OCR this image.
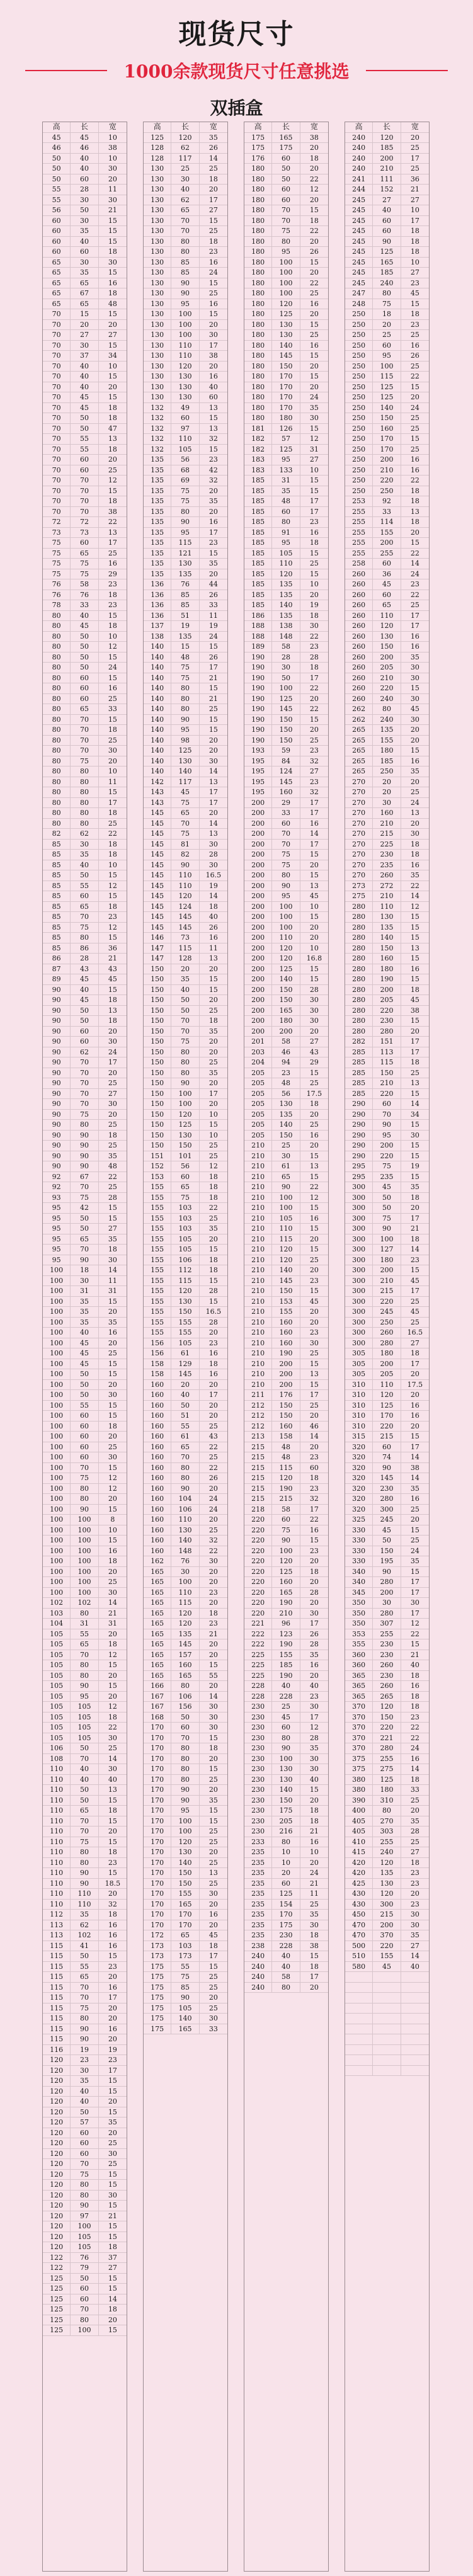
现货尺寸
1000余款现货尺寸任意挑选
双插盒
高	长	宽
45	45	10
46	46	38
50	40	10
50	40	30
50	60	20
55	28	11
55	30	30
56	50	21
60	30	15
60	35	15
60	40	15
60	60	18
65	30	30
65	35	15
65	65	16
65	67	18
65	65	48
70	15	15
70	20	20
70	27	27
70	30	15
70	37	34
70	40	10
70	40	15
70	40	20
70	45	15
70	45	18
70	50	18
70	50	47
70	55	13
70	55	18
70	60	20
70	60	25
70	70	12
70	70	15
70	70	18
70	70	38
72	72	22
73	73	13
75	60	17
75	65	25
75	75	16
75	75	29
76	58	23
76	76	18
78	33	23
80	40	15
80	45	18
80	50	10
80	50	12
80	50	15
80	50	24
80	60	15
80	60	16
80	60	25
80	65	33
80	70	15
80	70	18
80	70	25
80	70	30
80	75	20
80	80	10
80	80	11
80	80	15
80	80	17
80	80	18
80	80	25
82	62	22
85	30	18
85	35	18
85	40	10
85	50	15
85	55	12
85	60	15
85	65	18
85	70	23
85	75	12
85	80	15
85	86	36
86	28	21
87	43	43
89	45	45
90	40	15
90	45	18
90	50	13
90	50	18
90	60	20
90	60	30
90	62	24
90	70	17
90	70	20
90	70	25
90	70	27
90	70	30
90	75	20
90	80	25
90	90	18
90	90	25
90	90	35
90	90	48
92	67	22
92	70	25
93	75	28
95	42	15
95	50	15
95	50	27
95	65	35
95	70	18
95	90	30
100	18	14
100	30	11
100	31	31
100	35	15
100	35	20
100	35	35
100	40	16
100	45	20
100	45	25
100	45	15
100	50	15
100	50	20
100	50	30
100	55	15
100	60	15
100	60	18
100	60	20
100	60	25
100	60	30
100	70	15
100	75	12
100	80	12
100	80	20
100	90	15
100	100	8
100	100	10
100	100	15
100	100	16
100	100	18
100	100	20
100	100	25
100	100	30
102	102	14
103	80	21
104	31	31
105	55	20
105	65	18
105	70	12
105	80	15
105	80	20
105	90	15
105	95	20
105	105	12
105	105	18
105	105	22
105	105	30
106	50	25
108	70	14
110	40	30
110	40	40
110	50	13
110	50	15
110	65	18
110	70	15
110	70	20
110	75	15
110	80	18
110	80	23
110	90	15
110	90	18.5
110	110	20
110	110	32
112	35	18
113	62	16
113	102	16
115	41	16
115	50	15
115	55	23
115	65	20
115	70	16
115	70	17
115	75	20
115	80	20
115	90	16
115	90	20
116	19	19
120	23	23
120	30	17
120	35	15
120	40	15
120	40	20
120	50	15
120	57	35
120	60	20
120	60	25
120	60	30
120	70	25
120	75	15
120	80	15
120	80	30
120	90	15
120	97	21
120	100	15
120	105	15
120	105	18
122	76	37
122	79	27
125	50	15
125	60	15
125	60	14
125	70	18
125	80	20
125	100	15
高	长	宽
125	120	35
128	62	26
128	117	14
130	25	25
130	30	18
130	40	20
130	62	17
130	65	27
130	70	15
130	70	25
130	80	18
130	80	23
130	85	16
130	85	24
130	90	15
130	90	25
130	95	16
130	100	15
130	100	20
130	100	30
130	110	17
130	110	38
130	120	20
130	130	16
130	130	40
130	130	60
132	49	13
132	60	15
132	97	13
132	110	32
132	105	15
135	56	23
135	68	42
135	69	32
135	75	20
135	75	35
135	80	20
135	90	16
135	95	17
135	115	23
135	121	15
135	130	35
135	135	20
136	76	44
136	85	26
136	85	33
136	51	11
137	19	19
138	135	24
140	15	15
140	48	26
140	75	17
140	75	21
140	80	15
140	80	21
140	80	25
140	90	15
140	95	15
140	98	20
140	125	20
140	130	30
140	140	14
142	117	13
143	45	17
143	75	17
145	65	20
145	70	14
145	75	13
145	81	30
145	82	28
145	90	30
145	110	16.5
145	110	19
145	120	14
145	124	18
145	145	40
145	145	26
146	73	16
147	115	11
147	128	13
150	20	20
150	35	15
150	40	15
150	50	20
150	50	25
150	70	18
150	70	35
150	75	20
150	80	20
150	80	25
150	80	35
150	90	20
150	100	17
150	100	20
150	120	10
150	125	15
150	130	10
150	150	25
151	101	25
152	56	12
153	60	18
155	65	18
155	75	18
155	103	22
155	103	25
155	103	35
155	105	20
155	105	15
155	106	18
155	112	18
155	115	15
155	120	28
155	130	15
155	150	16.5
155	155	28
155	155	20
156	105	23
156	61	16
158	129	18
158	145	16
160	20	20
160	40	17
160	50	20
160	51	20
160	55	25
160	61	43
160	65	22
160	70	25
160	80	22
160	80	26
160	90	20
160	104	24
160	106	24
160	110	20
160	130	25
160	140	32
160	148	22
162	76	30
165	30	20
165	100	20
165	110	23
165	115	20
165	120	18
165	120	23
165	135	21
165	145	20
165	157	20
165	160	15
165	165	55
166	80	20
167	106	14
167	156	30
168	50	30
170	60	30
170	70	15
170	80	18
170	80	20
170	80	15
170	80	25
170	90	20
170	90	35
170	95	15
170	100	15
170	100	25
170	120	25
170	130	20
170	140	25
170	150	13
170	150	25
170	155	30
170	165	20
170	170	16
170	170	20
172	65	45
173	103	18
173	173	17
175	55	15
175	75	25
175	85	25
175	90	20
175	105	25
175	140	30
175	165	33
高	长	宽
175	165	38
175	175	20
176	60	18
180	50	20
180	50	22
180	60	12
180	60	20
180	70	15
180	70	18
180	75	22
180	80	20
180	95	26
180	100	15
180	100	20
180	100	22
180	100	25
180	120	16
180	125	20
180	130	15
180	130	25
180	140	16
180	145	15
180	150	20
180	170	15
180	170	20
180	170	24
180	170	35
180	180	30
181	126	15
182	57	12
182	125	31
183	95	27
183	133	10
185	31	15
185	35	15
185	48	17
185	60	17
185	80	23
185	91	16
185	95	18
185	105	15
185	110	25
185	120	15
185	135	10
185	135	20
185	140	19
186	135	18
188	138	30
188	148	22
189	58	23
190	28	28
190	30	18
190	50	17
190	100	22
190	125	20
190	145	22
190	150	15
190	150	20
190	150	25
193	59	23
195	84	32
195	124	27
195	145	23
195	160	32
200	29	17
200	33	17
200	60	16
200	70	14
200	70	17
200	75	15
200	75	20
200	80	15
200	90	13
200	95	45
200	100	10
200	100	15
200	100	20
200	110	20
200	120	10
200	120	16.8
200	125	15
200	140	15
200	150	28
200	150	30
200	165	30
200	180	30
200	200	20
201	58	27
203	46	43
204	94	29
205	23	15
205	48	25
205	56	17.5
205	130	18
205	135	20
205	140	25
205	150	16
210	25	20
210	30	15
210	61	13
210	65	15
210	90	22
210	100	12
210	100	15
210	105	16
210	110	15
210	115	20
210	120	15
210	120	25
210	140	20
210	145	23
210	150	15
210	153	45
210	155	20
210	160	20
210	160	23
210	160	30
210	190	25
210	200	15
210	200	13
210	200	15
211	176	17
212	150	25
212	150	20
212	160	46
213	158	14
215	48	20
215	48	23
215	115	60
215	120	18
215	190	23
215	215	32
218	58	17
220	60	22
220	75	16
220	90	15
220	100	23
220	120	20
220	125	18
220	160	20
220	165	28
220	190	20
220	210	30
221	96	17
222	123	26
222	190	28
225	155	35
225	185	16
225	190	20
228	40	40
228	228	23
230	25	30
230	45	17
230	60	12
230	80	28
230	90	35
230	100	30
230	130	30
230	130	40
230	140	15
230	150	20
230	175	18
230	205	18
230	216	21
233	80	16
235	10	10
235	10	20
235	20	24
235	60	21
235	125	11
235	154	25
235	170	35
235	175	30
235	230	18
238	228	38
240	40	15
240	40	18
240	58	17
240	80	20
高	长	宽
240	120	20
240	185	25
240	200	17
240	210	25
241	111	36
244	152	21
245	27	27
245	40	10
245	60	17
245	60	18
245	90	18
245	125	18
245	165	10
245	185	27
245	240	23
247	80	45
248	75	15
250	18	18
250	20	23
250	25	25
250	60	16
250	95	26
250	100	25
250	115	22
250	125	15
250	125	20
250	140	24
250	150	25
250	160	25
250	170	15
250	170	25
250	200	16
250	210	16
250	220	22
250	250	18
253	92	18
255	33	13
255	114	18
255	155	20
255	200	15
255	255	22
258	60	14
260	36	24
260	45	23
260	60	22
260	65	25
260	110	17
260	120	17
260	130	16
260	150	16
260	200	35
260	205	30
260	210	30
260	220	15
260	240	30
262	80	45
262	240	30
265	135	20
265	155	20
265	180	15
265	185	16
265	250	35
270	20	20
270	20	25
270	30	24
270	160	13
270	210	20
270	215	30
270	225	18
270	230	18
270	235	16
270	260	35
273	272	22
275	210	14
280	110	12
280	130	15
280	135	15
280	140	15
280	150	13
280	160	15
280	180	16
280	190	15
280	200	18
280	205	45
280	220	38
280	230	15
280	280	20
282	151	17
285	113	17
285	115	18
285	150	25
285	210	13
285	220	15
290	60	14
290	70	34
290	90	15
290	95	30
290	200	15
290	220	15
295	75	19
295	235	15
300	45	35
300	50	18
300	50	20
300	75	17
300	90	21
300	100	18
300	127	14
300	180	23
300	200	15
300	210	45
300	215	17
300	220	25
300	245	45
300	250	25
300	260	16.5
300	280	27
305	180	18
305	200	17
305	205	20
310	110	17.5
310	120	20
310	125	16
310	170	16
310	220	20
315	215	15
320	60	17
320	74	14
320	90	38
320	145	14
320	230	35
320	280	16
320	300	25
325	245	20
330	45	15
330	50	25
330	150	24
330	195	35
340	90	15
340	280	17
345	200	17
350	30	30
350	280	17
350	307	12
353	255	22
355	230	15
360	230	21
360	260	40
365	230	18
365	260	16
365	265	18
370	120	18
370	150	23
370	220	22
370	221	22
370	280	24
375	255	16
375	275	14
380	125	18
380	180	33
390	310	25
400	80	20
405	270	35
405	303	28
410	255	25
415	240	27
420	120	18
420	135	23
425	130	23
430	120	20
430	300	23
450	215	30
470	200	30
470	370	35
500	220	27
510	155	14
580	45	40
